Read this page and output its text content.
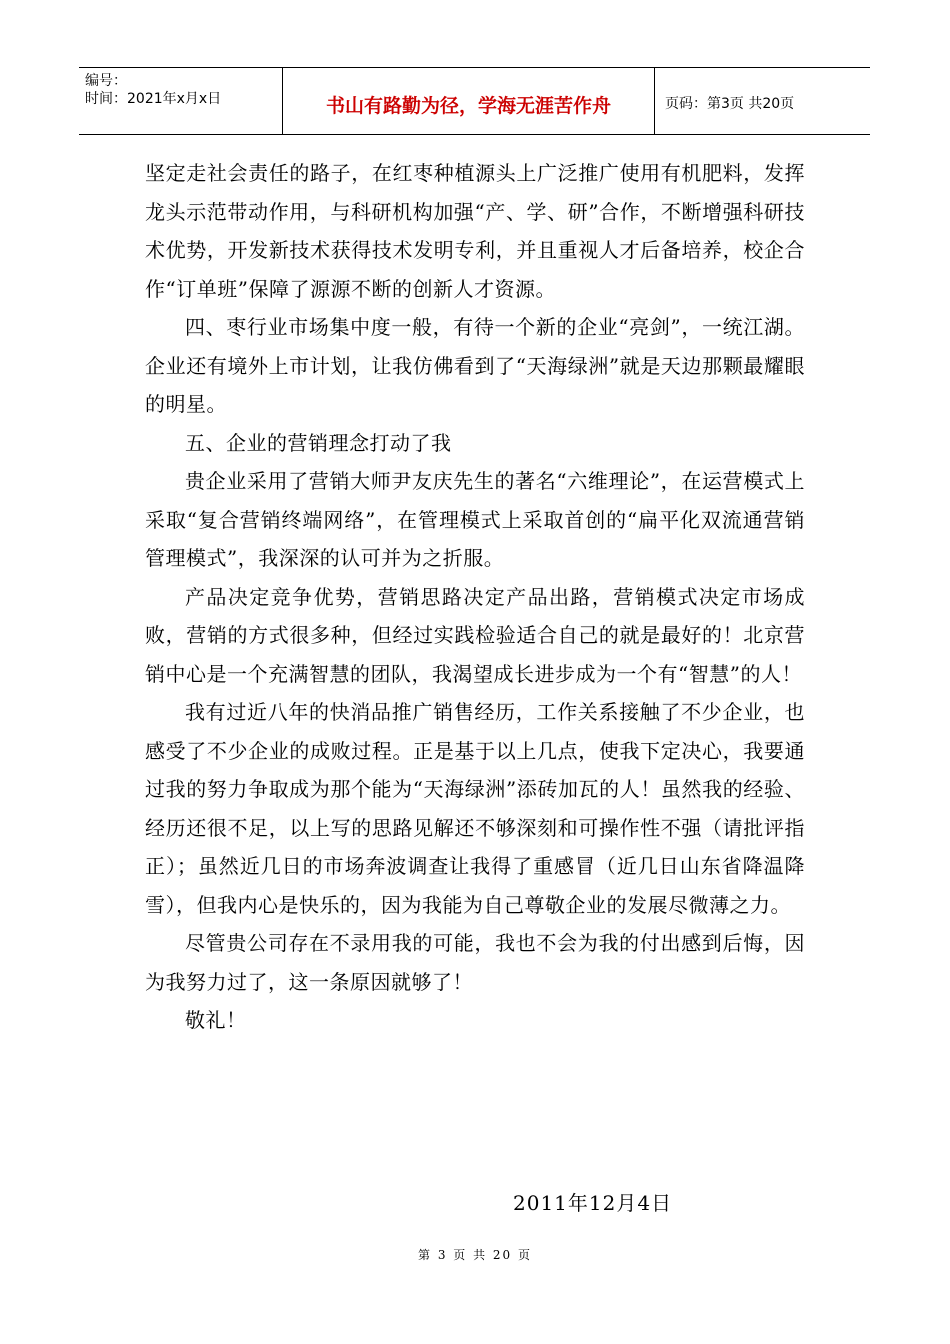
编号：
时间：2021年x月x日	书山有路勤为径，学海无涯苦作舟	页码：第3页 共20页

坚定走社会责任的路子，在红枣种植源头上广泛推广使用有机肥料，发挥龙头示范带动作用，与科研机构加强“产、学、研”合作，不断增强科研技术优势，开发新技术获得技术发明专利，并且重视人才后备培养，校企合作“订单班”保障了源源不断的创新人才资源。

四、枣行业市场集中度一般，有待一个新的企业“亮剑”，一统江湖。企业还有境外上市计划，让我仿佛看到了“天海绿洲”就是天边那颗最耀眼的明星。

五、企业的营销理念打动了我

贵企业采用了营销大师尹友庆先生的著名“六维理论”，在运营模式上采取“复合营销终端网络”，在管理模式上采取首创的“扁平化双流通营销管理模式”，我深深的认可并为之折服。

产品决定竞争优势，营销思路决定产品出路，营销模式决定市场成败，营销的方式很多种，但经过实践检验适合自己的就是最好的！北京营销中心是一个充满智慧的团队，我渴望成长进步成为一个有“智慧”的人！

我有过近八年的快消品推广销售经历，工作关系接触了不少企业，也感受了不少企业的成败过程。正是基于以上几点，使我下定决心，我要通过我的努力争取成为那个能为“天海绿洲”添砖加瓦的人！虽然我的经验、经历还很不足，以上写的思路见解还不够深刻和可操作性不强（请批评指正）；虽然近几日的市场奔波调查让我得了重感冒（近几日山东省降温降雪），但我内心是快乐的，因为我能为自己尊敬企业的发展尽微薄之力。

尽管贵公司存在不录用我的可能，我也不会为我的付出感到后悔，因为我努力过了，这一条原因就够了！

敬礼！

2011年12月4日
第 3 页 共 20 页
